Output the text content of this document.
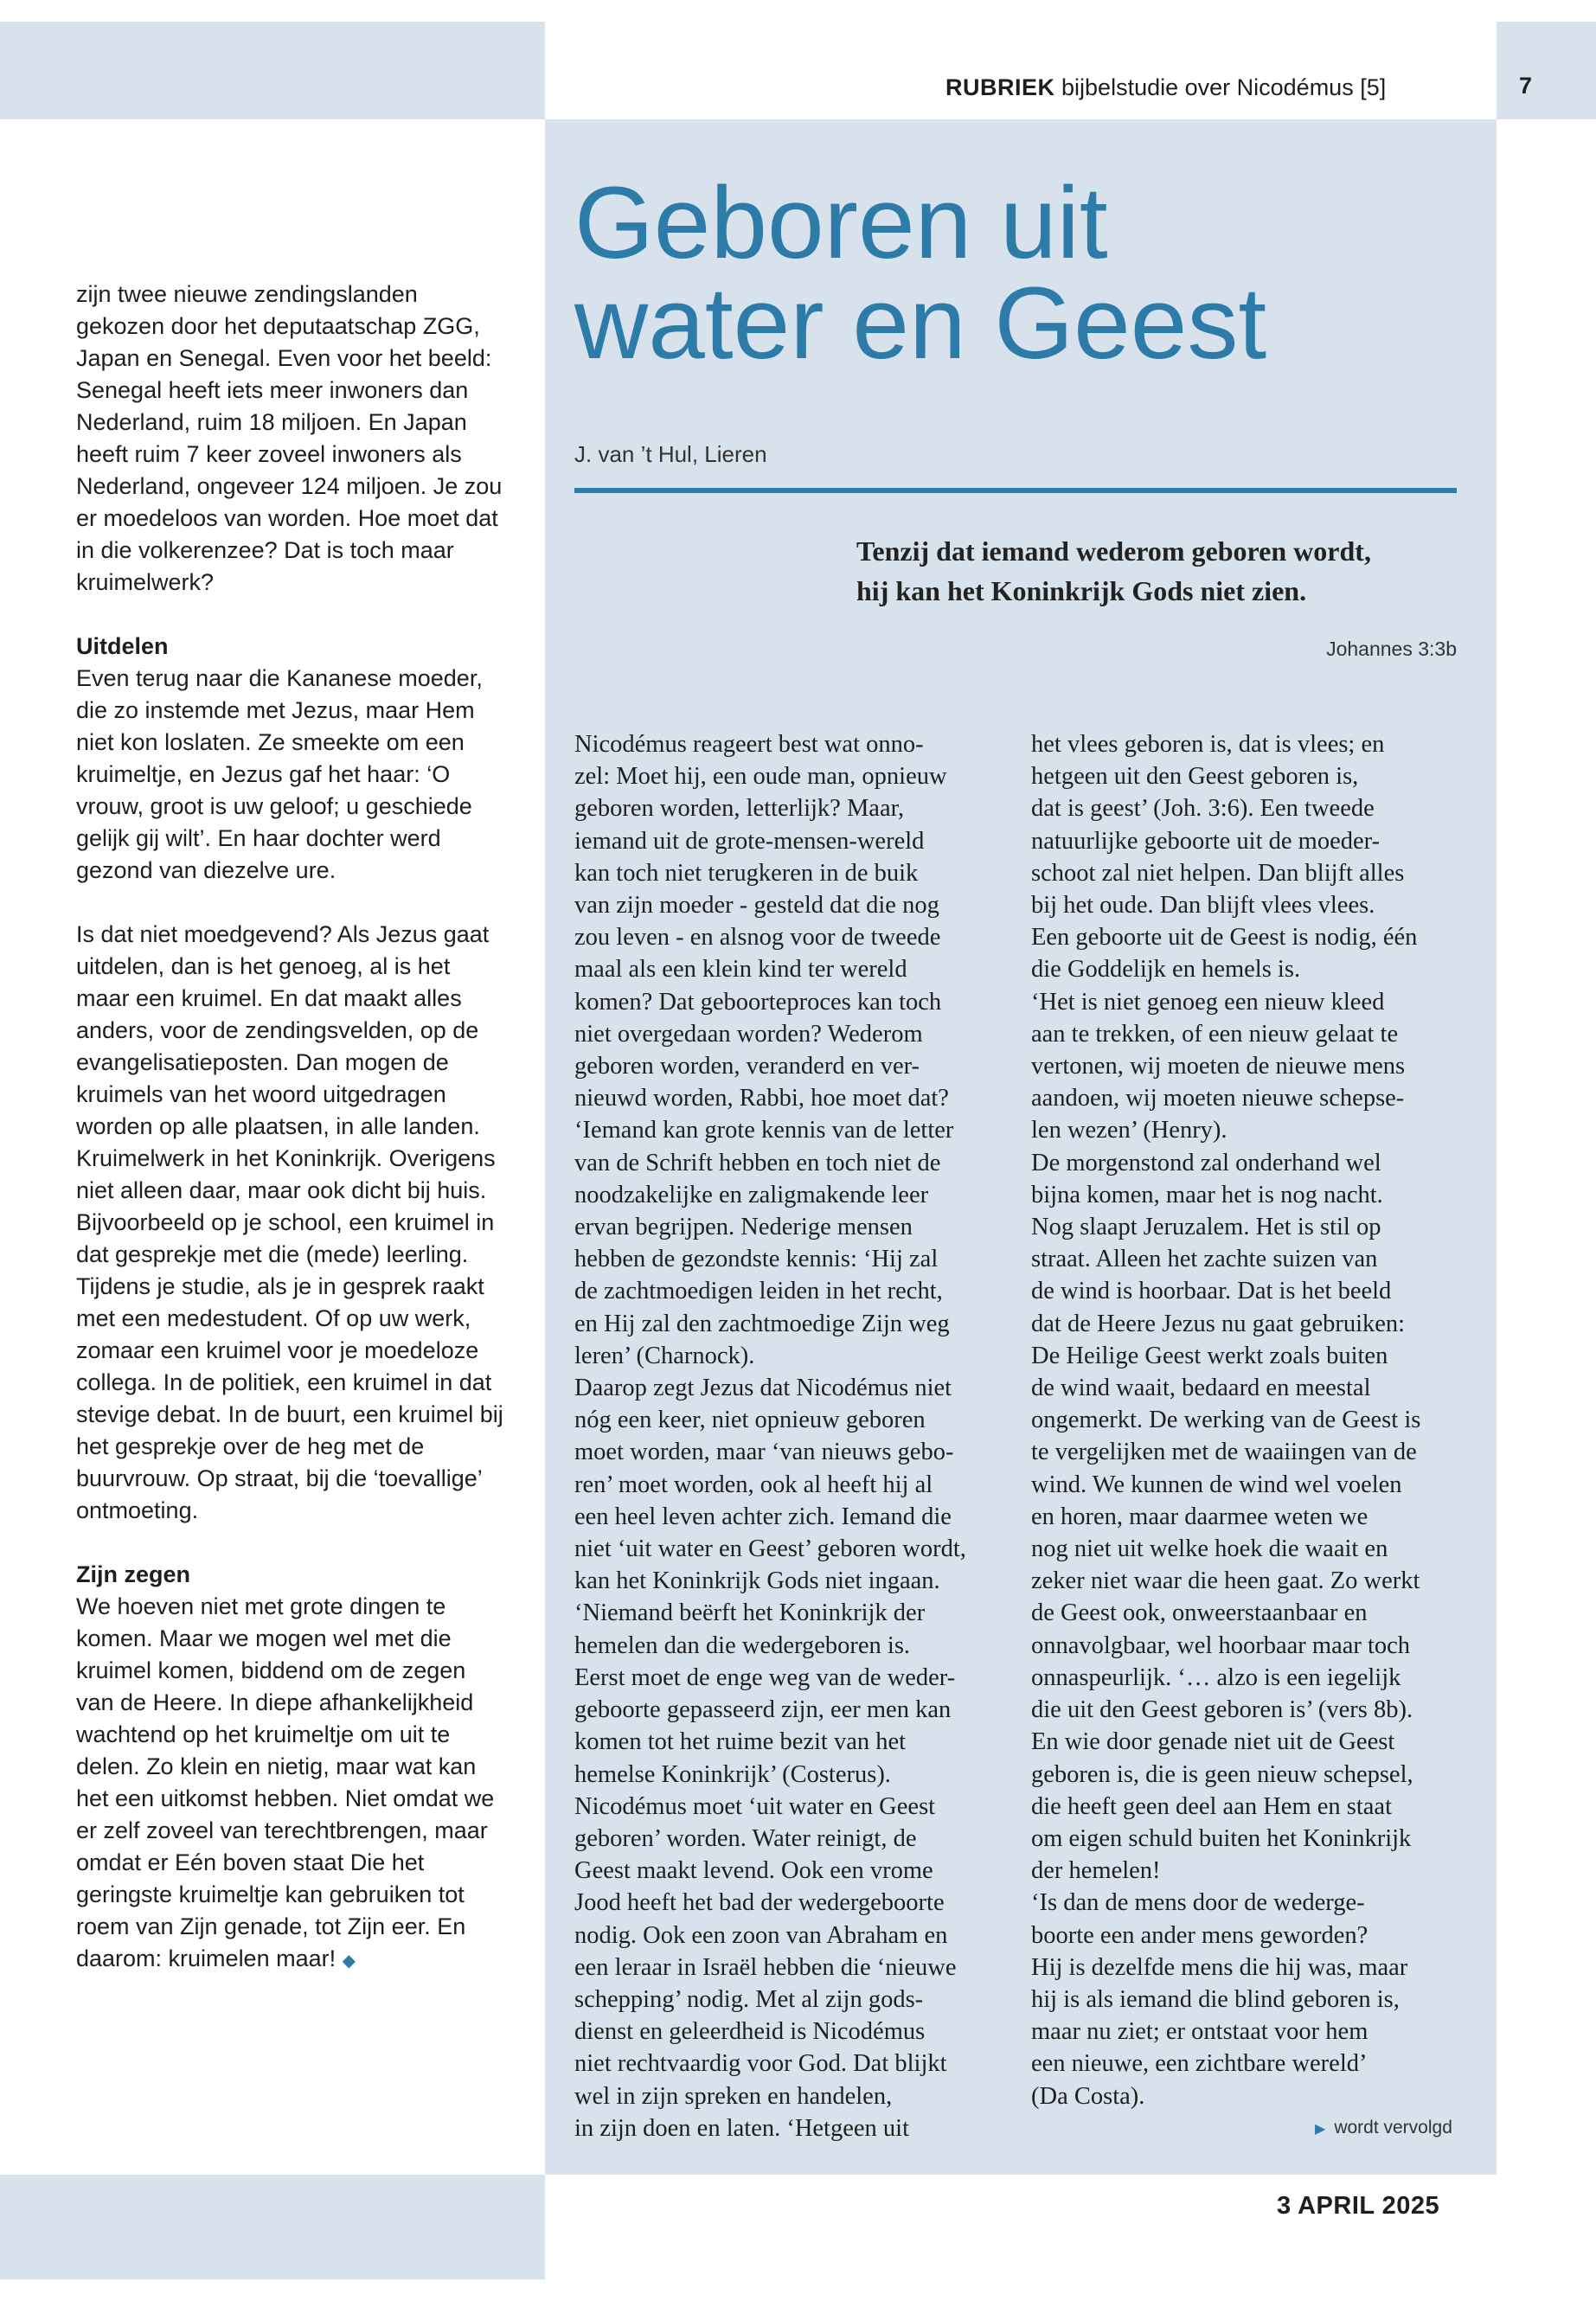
RUBRIEK bijbelstudie over Nicodémus [5]	7
Geboren uit
water en Geest
J. van ’t Hul, Lieren
Tenzij dat iemand wederom geboren wordt,
hij kan het Koninkrijk Gods niet zien.
Johannes 3:3b

zijn twee nieuwe zendingslanden gekozen door het deputaatschap ZGG, Japan en Senegal. Even voor het beeld: Senegal heeft iets meer inwoners dan Nederland, ruim 18 miljoen. En Japan heeft ruim 7 keer zoveel inwoners als Nederland, ongeveer 124 miljoen. Je zou er moedeloos van worden. Hoe moet dat in die volkerenzee? Dat is toch maar kruimelwerk?

Uitdelen

Even terug naar die Kananese moeder, die zo instemde met Jezus, maar Hem niet kon loslaten. Ze smeekte om een kruimeltje, en Jezus gaf het haar: ‘O vrouw, groot is uw geloof; u geschiede gelijk gij wilt’. En haar dochter werd gezond van diezelve ure.

Is dat niet moedgevend? Als Jezus gaat uitdelen, dan is het genoeg, al is het maar een kruimel. En dat maakt alles anders, voor de zendingsvelden, op de evangelisatieposten. Dan mogen de kruimels van het woord uitgedragen worden op alle plaatsen, in alle landen. Kruimelwerk in het Koninkrijk. Overigens niet alleen daar, maar ook dicht bij huis. Bijvoorbeeld op je school, een kruimel in dat gesprekje met die (mede) leerling. Tijdens je studie, als je in gesprek raakt met een medestudent. Of op uw werk, zomaar een kruimel voor je moedeloze collega. In de politiek, een kruimel in dat stevige debat. In de buurt, een kruimel bij het gesprekje over de heg met de buurvrouw. Op straat, bij die ‘toevallige’ ontmoeting.

Zijn zegen

We hoeven niet met grote dingen te komen. Maar we mogen wel met die kruimel komen, biddend om de zegen van de Heere. In diepe afhankelijkheid wachtend op het kruimeltje om uit te delen. Zo klein en nietig, maar wat kan het een uitkomst hebben. Niet omdat we er zelf zoveel van terechtbrengen, maar omdat er Eén boven staat Die het geringste kruimeltje kan gebruiken tot roem van Zijn genade, tot Zijn eer. En daarom: kruimelen maar! ◆

Nicodémus reageert best wat onno-
zel: Moet hij, een oude man, opnieuw
geboren worden, letterlijk? Maar,
iemand uit de grote-mensen-wereld
kan toch niet terugkeren in de buik
van zijn moeder - gesteld dat die nog
zou leven - en alsnog voor de tweede
maal als een klein kind ter wereld
komen? Dat geboorteproces kan toch
niet overgedaan worden? Wederom
geboren worden, veranderd en ver-
nieuwd worden, Rabbi, hoe moet dat?
‘Iemand kan grote kennis van de letter
van de Schrift hebben en toch niet de
noodzakelijke en zaligmakende leer
ervan begrijpen. Nederige mensen
hebben de gezondste kennis: ‘Hij zal
de zachtmoedigen leiden in het recht,
en Hij zal den zachtmoedige Zijn weg
leren’ (Charnock).
Daarop zegt Jezus dat Nicodémus niet
nóg een keer, niet opnieuw geboren
moet worden, maar ‘van nieuws gebo-
ren’ moet worden, ook al heeft hij al
een heel leven achter zich. Iemand die
niet ‘uit water en Geest’ geboren wordt,
kan het Koninkrijk Gods niet ingaan.
‘Niemand beërft het Koninkrijk der
hemelen dan die wedergeboren is.
Eerst moet de enge weg van de weder-
geboorte gepasseerd zijn, eer men kan
komen tot het ruime bezit van het
hemelse Koninkrijk’ (Costerus).
Nicodémus moet ‘uit water en Geest
geboren’ worden. Water reinigt, de
Geest maakt levend. Ook een vrome
Jood heeft het bad der wedergeboorte
nodig. Ook een zoon van Abraham en
een leraar in Israël hebben die ‘nieuwe
schepping’ nodig. Met al zijn gods-
dienst en geleerdheid is Nicodémus
niet rechtvaardig voor God. Dat blijkt
wel in zijn spreken en handelen,
in zijn doen en laten. ‘Hetgeen uit
het vlees geboren is, dat is vlees; en
hetgeen uit den Geest geboren is,
dat is geest’ (Joh. 3:6). Een tweede
natuurlijke geboorte uit de moeder-
schoot zal niet helpen. Dan blijft alles
bij het oude. Dan blijft vlees vlees.
Een geboorte uit de Geest is nodig, één
die Goddelijk en hemels is.
‘Het is niet genoeg een nieuw kleed
aan te trekken, of een nieuw gelaat te
vertonen, wij moeten de nieuwe mens
aandoen, wij moeten nieuwe schepse-
len wezen’ (Henry).
De morgenstond zal onderhand wel
bijna komen, maar het is nog nacht.
Nog slaapt Jeruzalem. Het is stil op
straat. Alleen het zachte suizen van
de wind is hoorbaar. Dat is het beeld
dat de Heere Jezus nu gaat gebruiken:
De Heilige Geest werkt zoals buiten
de wind waait, bedaard en meestal
ongemerkt. De werking van de Geest is
te vergelijken met de waaiingen van de
wind. We kunnen de wind wel voelen
en horen, maar daarmee weten we
nog niet uit welke hoek die waait en
zeker niet waar die heen gaat. Zo werkt
de Geest ook, onweerstaanbaar en
onnavolgbaar, wel hoorbaar maar toch
onnaspeurlijk. ‘… alzo is een iegelijk
die uit den Geest geboren is’ (vers 8b).
En wie door genade niet uit de Geest
geboren is, die is geen nieuw schepsel,
die heeft geen deel aan Hem en staat
om eigen schuld buiten het Koninkrijk
der hemelen!
‘Is dan de mens door de wederge-
boorte een ander mens geworden?
Hij is dezelfde mens die hij was, maar
hij is als iemand die blind geboren is,
maar nu ziet; er ontstaat voor hem
een nieuwe, een zichtbare wereld’
(Da Costa).
▶ wordt vervolgd
3 APRIL 2025
